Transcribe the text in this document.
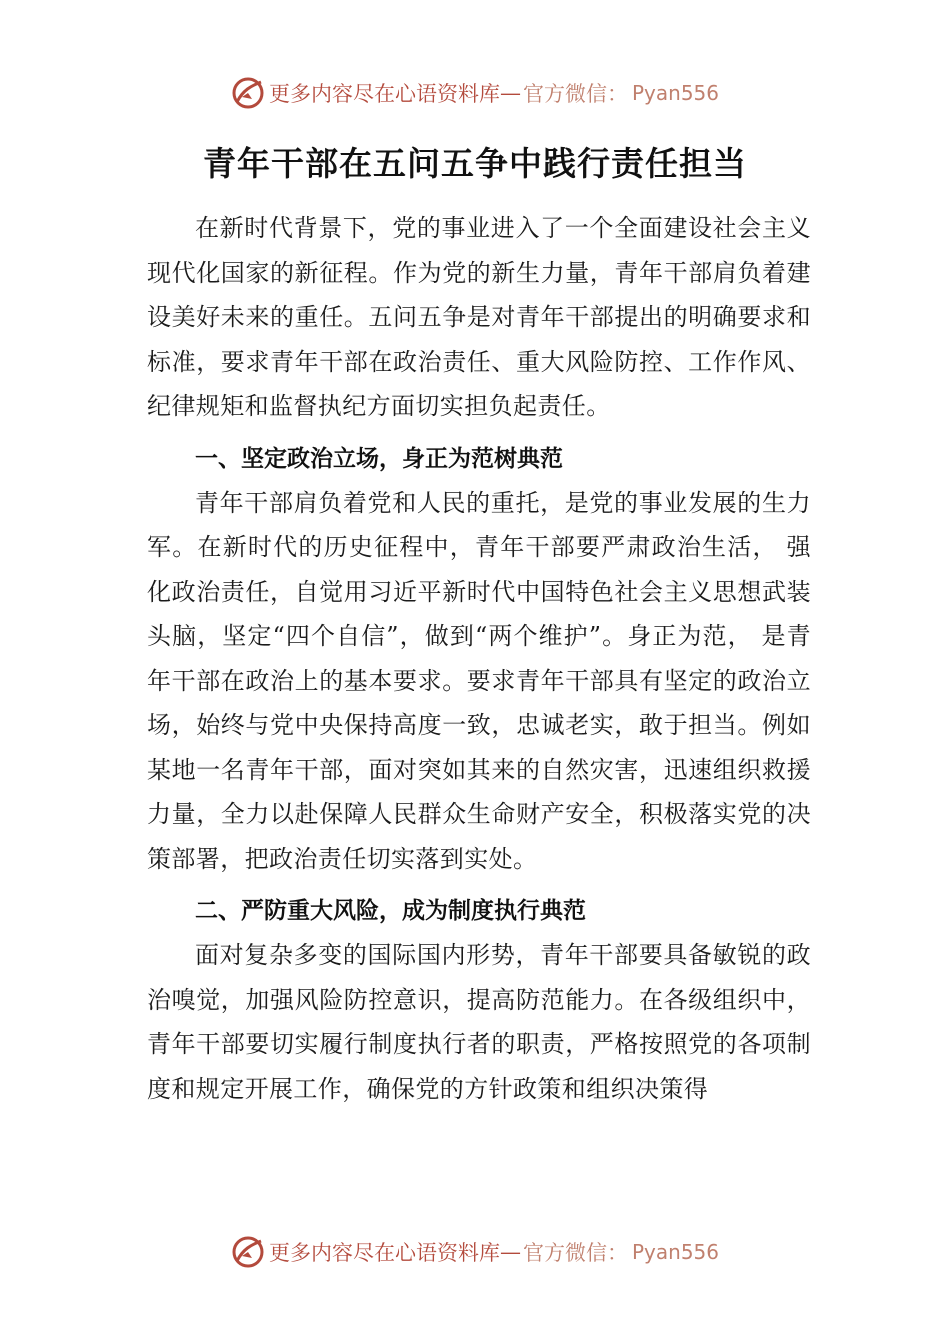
更多内容尽在心语资料库 — 官方微信： Pyan556
青年干部在五问五争中践行责任担当

在新时代背景下，党的事业进入了一个全面建设社会主义现代化国家的新征程。作为党的新生力量，青年干部肩负着建设美好未来的重任。五问五争是对青年干部提出的明确要求和标准，要求青年干部在政治责任、重大风险防控、工作作风、纪律规矩和监督执纪方面切实担负起责任。

一、坚定政治立场，身正为范树典范

青年干部肩负着党和人民的重托，是党的事业发展的生力军。在新时代的历史征程中，青年干部要严肃政治生活， 强化政治责任，自觉用习近平新时代中国特色社会主义思想武装头脑，坚定“四个自信”，做到“两个维护”。身正为范， 是青年干部在政治上的基本要求。要求青年干部具有坚定的政治立场，始终与党中央保持高度一致，忠诚老实，敢于担当。例如某地一名青年干部，面对突如其来的自然灾害，迅速组织救援力量，全力以赴保障人民群众生命财产安全，积极落实党的决策部署，把政治责任切实落到实处。

二、严防重大风险，成为制度执行典范

面对复杂多变的国际国内形势，青年干部要具备敏锐的政治嗅觉，加强风险防控意识，提高防范能力。在各级组织中，青年干部要切实履行制度执行者的职责，严格按照党的各项制度和规定开展工作，确保党的方针政策和组织决策得

更多内容尽在心语资料库 — 官方微信： Pyan556
